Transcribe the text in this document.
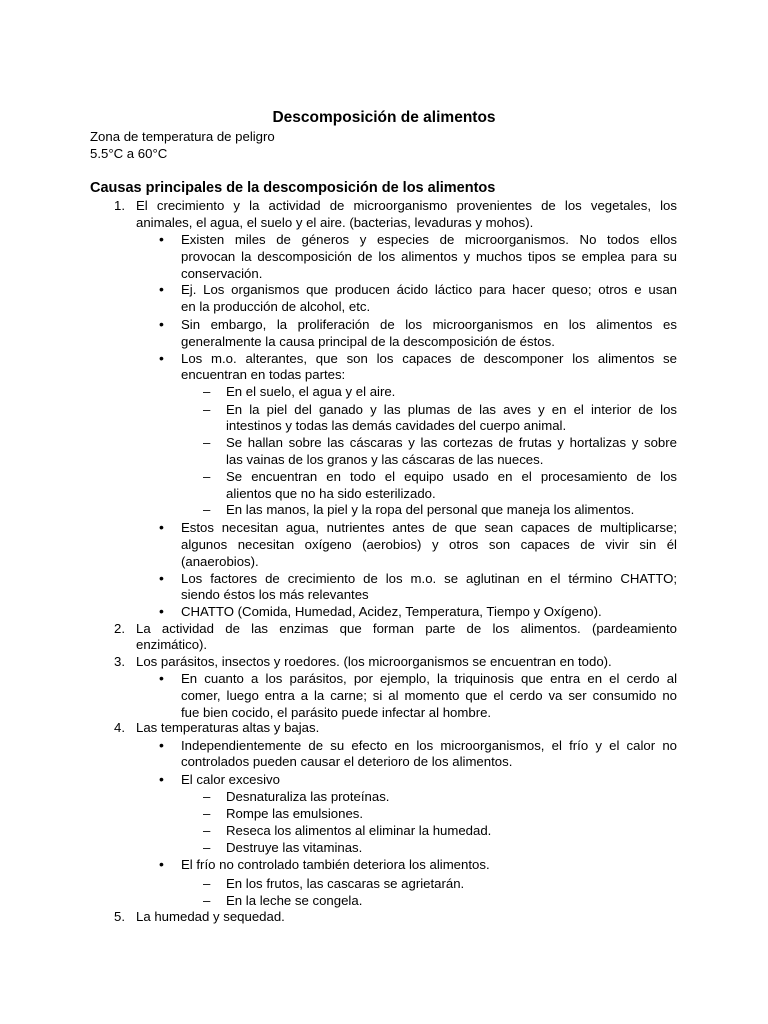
Descomposición de alimentos
Zona de temperatura de peligro
5.5°C a 60°C
Causas principales de la descomposición de los alimentos
1. El crecimiento y la actividad de microorganismo provenientes de los vegetales, los
animales, el agua, el suelo y el aire. (bacterias, levaduras y mohos).
• Existen miles de géneros y especies de microorganismos. No todos ellos
provocan la descomposición de los alimentos y muchos tipos se emplea para su
conservación.
• Ej. Los organismos que producen ácido láctico para hacer queso; otros e usan
en la producción de alcohol, etc.
• Sin embargo, la proliferación de los microorganismos en los alimentos es
generalmente la causa principal de la descomposición de éstos.
• Los m.o. alterantes, que son los capaces de descomponer los alimentos se
encuentran en todas partes:
– En el suelo, el agua y el aire.
– En la piel del ganado y las plumas de las aves y en el interior de los
intestinos y todas las demás cavidades del cuerpo animal.
– Se hallan sobre las cáscaras y las cortezas de frutas y hortalizas y sobre
las vainas de los granos y las cáscaras de las nueces.
– Se encuentran en todo el equipo usado en el procesamiento de los
alientos que no ha sido esterilizado.
– En las manos, la piel y la ropa del personal que maneja los alimentos.
• Estos necesitan agua, nutrientes antes de que sean capaces de multiplicarse;
algunos necesitan oxígeno (aerobios) y otros son capaces de vivir sin él
(anaerobios).
• Los factores de crecimiento de los m.o. se aglutinan en el término CHATTO;
siendo éstos los más relevantes
• CHATTO (Comida, Humedad, Acidez, Temperatura, Tiempo y Oxígeno).
2. La actividad de las enzimas que forman parte de los alimentos. (pardeamiento
enzimático).
3. Los parásitos, insectos y roedores. (los microorganismos se encuentran en todo).
• En cuanto a los parásitos, por ejemplo, la triquinosis que entra en el cerdo al
comer, luego entra a la carne; si al momento que el cerdo va ser consumido no
fue bien cocido, el parásito puede infectar al hombre.
4. Las temperaturas altas y bajas.
• Independientemente de su efecto en los microorganismos, el frío y el calor no
controlados pueden causar el deterioro de los alimentos.
• El calor excesivo
– Desnaturaliza las proteínas.
– Rompe las emulsiones.
– Reseca los alimentos al eliminar la humedad.
– Destruye las vitaminas.
• El frío no controlado también deteriora los alimentos.
– En los frutos, las cascaras se agrietarán.
– En la leche se congela.
5. La humedad y sequedad.
